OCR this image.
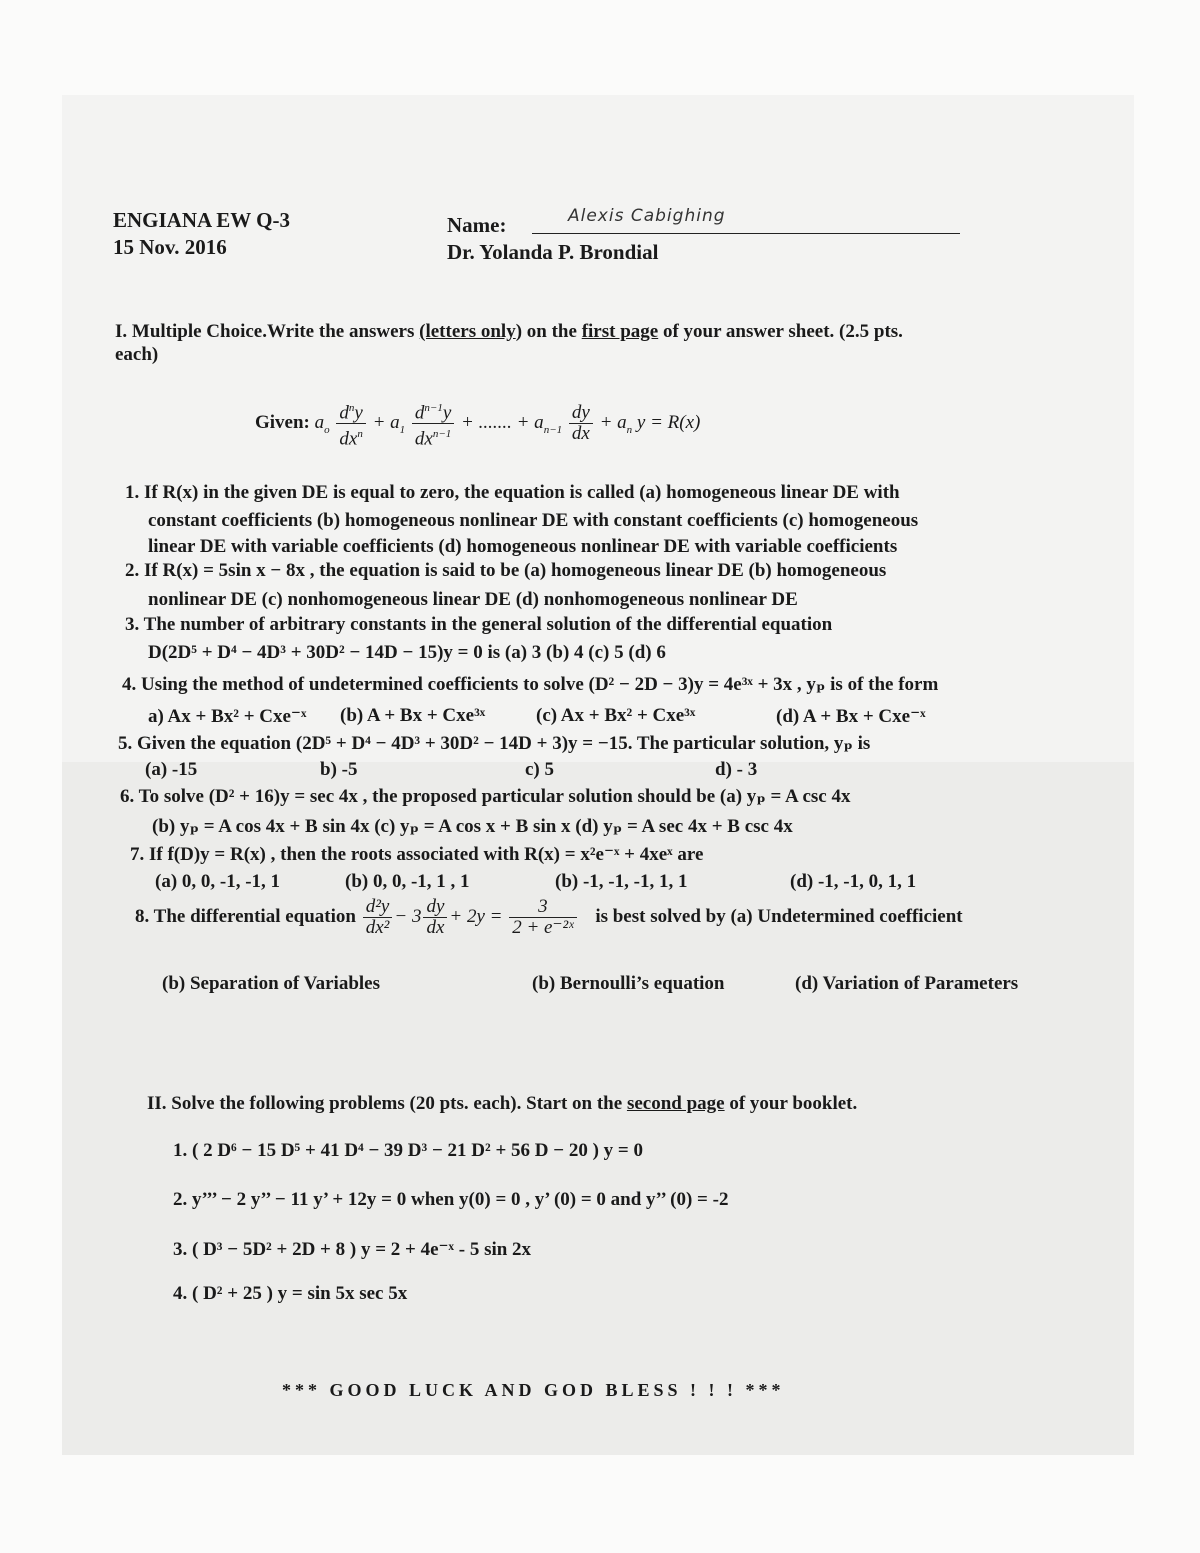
ENGIANA EW Q-3
15 Nov. 2016
Name:	Alexis Cabighing
Dr. Yolanda P. Brondial
I. Multiple Choice.Write the answers (letters only) on the first page of your answer sheet. (2.5 pts.
each)
Given: $a_o \frac{d^ny}{dx^n} + a_1 \frac{d^{n-1}y}{dx^{n-1}}$ + ....... + $a_{n-1} \frac{dy}{dx} + a_n$ y = R(x)
1. If R(x) in the given DE is equal to zero, the equation is called (a) homogeneous linear DE with
constant coefficients (b) homogeneous nonlinear DE with constant coefficients (c) homogeneous
linear DE with variable coefficients (d) homogeneous nonlinear DE with variable coefficients
2. If R(x) = 5sin x − 8x , the equation is said to be (a) homogeneous linear DE (b) homogeneous
nonlinear DE (c) nonhomogeneous linear DE (d) nonhomogeneous nonlinear DE
3. The number of arbitrary constants in the general solution of the differential equation
D(2D⁵ + D⁴ − 4D³ + 30D² − 14D − 15)y = 0 is (a) 3 (b) 4 (c) 5 (d) 6
4. Using the method of undetermined coefficients to solve (D² − 2D − 3)y = 4e³ˣ + 3x , yₚ is of the form
a) Ax + Bx² + Cxe⁻ˣ (b) A + Bx + Cxe³ˣ	(c) Ax + Bx² + Cxe³ˣ	(d) A + Bx + Cxe⁻ˣ
5. Given the equation (2D⁵ + D⁴ − 4D³ + 30D² − 14D + 3)y = −15. The particular solution, yₚ is
(a) -15	b) -5	c) 5	d) - 3
6. To solve (D² + 16)y = sec 4x , the proposed particular solution should be (a) yₚ = A csc 4x
(b) yₚ = A cos 4x + B sin 4x (c) yₚ = A cos x + B sin x (d) yₚ = A sec 4x + B csc 4x
7. If f(D)y = R(x) , then the roots associated with R(x) = x²e⁻ˣ + 4xeˣ are
(a) 0, 0, -1, -1, 1	(b) 0, 0, -1, 1 , 1	(b) -1, -1, -1, 1, 1	(d) -1, -1, 0, 1, 1
8. The differential equation $\frac{\text{d²y}}{\text{dx²}} - 3 \frac{dy}{dx} + 2y = \frac{3}{\text{2 + e⁻²ˣ}}$ is best solved by (a) Undetermined coefficient
(b) Separation of Variables	(b) Bernoulli’s equation	(d) Variation of Parameters
II. Solve the following problems (20 pts. each). Start on the second page of your booklet.
1. ( 2 D⁶ − 15 D⁵ + 41 D⁴ − 39 D³ − 21 D² + 56 D − 20 ) y = 0
2. y’’’ − 2 y’’ − 11 y’ + 12y = 0 when y(0) = 0 , y’ (0) = 0 and y’’ (0) = -2
3. ( D³ − 5D² + 2D + 8 ) y = 2 + 4e⁻ˣ - 5 sin 2x
4. ( D² + 25 ) y = sin 5x sec 5x
*** GOOD LUCK AND GOD BLESS ! ! ! ***
